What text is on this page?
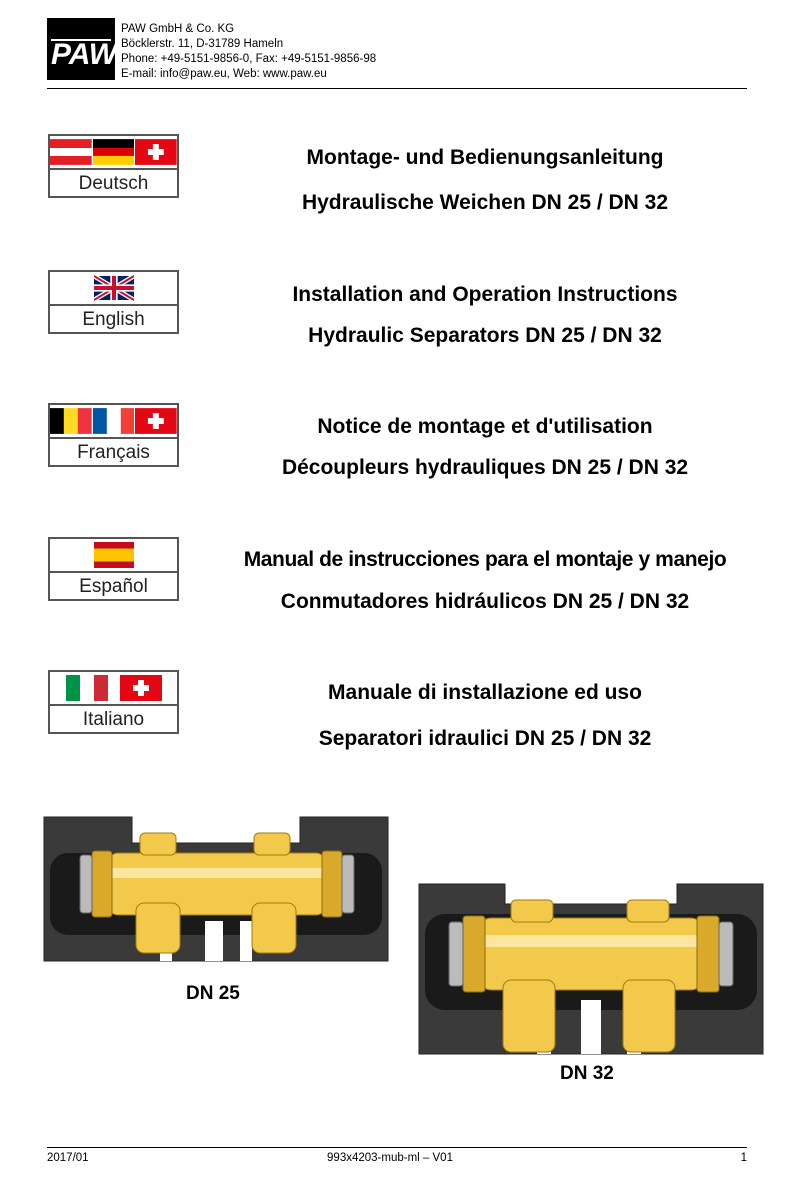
PAW
PAW GmbH & Co. KG
Böcklerstr. 11, D-31789 Hameln
Phone: +49-5151-9856-0, Fax: +49-5151-9856-98
E-mail: info@paw.eu, Web: www.paw.eu
Deutsch
Montage- und Bedienungsanleitung
Hydraulische Weichen DN 25 / DN 32
English
Installation and Operation Instructions
Hydraulic Separators DN 25 / DN 32
Français
Notice de montage et d'utilisation
Découpleurs hydrauliques DN 25 / DN 32
Español
Manual de instrucciones para el montaje y manejo
Conmutadores hidráulicos DN 25 / DN 32
Italiano
Manuale di installazione ed uso
Separatori idraulici DN 25 / DN 32
DN 25
DN 32
2017/01	993x4203-mub-ml – V01	1
